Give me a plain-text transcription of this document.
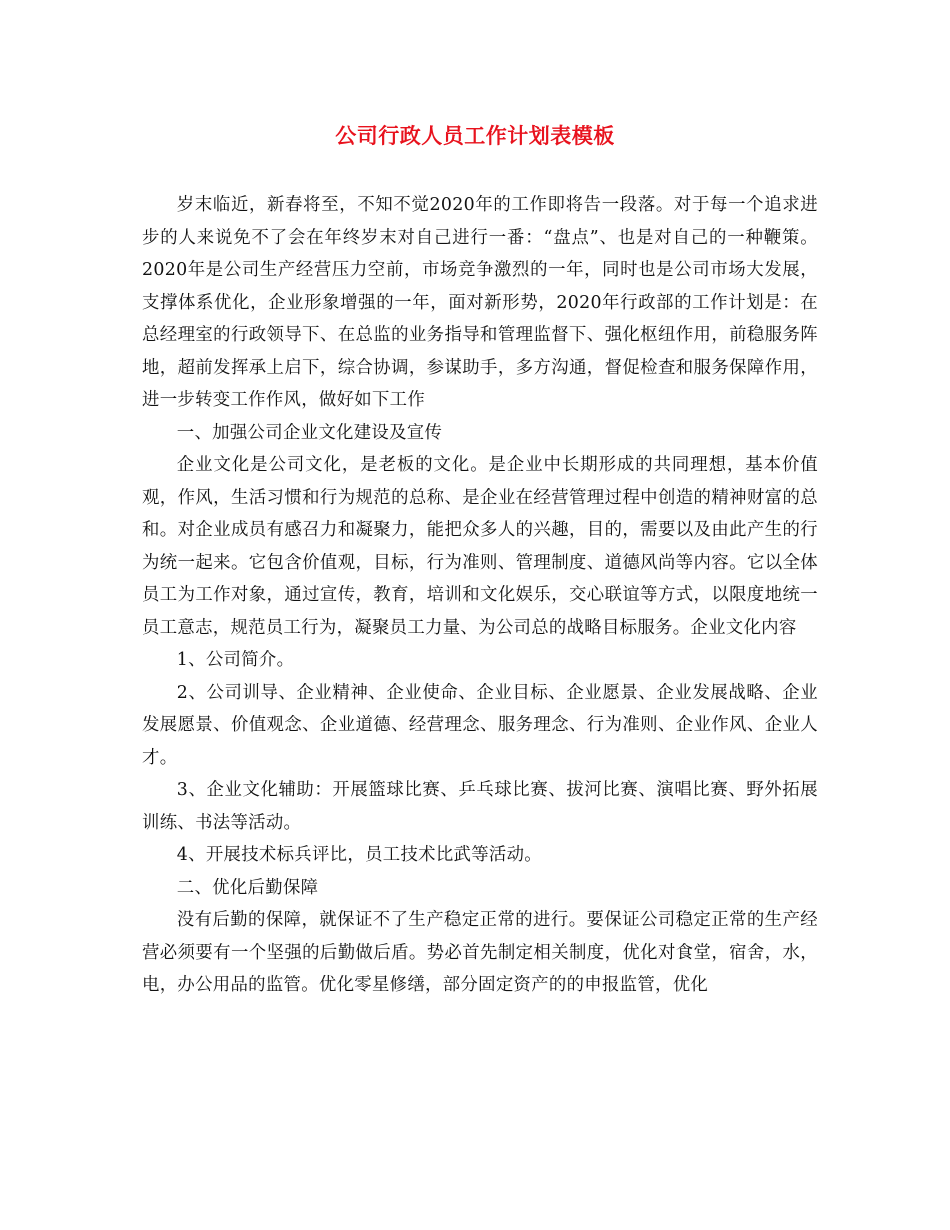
公司行政人员工作计划表模板

岁末临近，新春将至，不知不觉2020年的工作即将告一段落。对于每一个追求进步的人来说免不了会在年终岁末对自己进行一番：“盘点”、也是对自己的一种鞭策。2020年是公司生产经营压力空前，市场竞争激烈的一年，同时也是公司市场大发展，支撑体系优化，企业形象增强的一年，面对新形势，2020年行政部的工作计划是：在总经理室的行政领导下、在总监的业务指导和管理监督下、强化枢纽作用，前稳服务阵地，超前发挥承上启下，综合协调，参谋助手，多方沟通，督促检查和服务保障作用，进一步转变工作作风，做好如下工作

一、加强公司企业文化建设及宣传

企业文化是公司文化，是老板的文化。是企业中长期形成的共同理想，基本价值观，作风，生活习惯和行为规范的总称、是企业在经营管理过程中创造的精神财富的总和。对企业成员有感召力和凝聚力，能把众多人的兴趣，目的，需要以及由此产生的行为统一起来。它包含价值观，目标，行为准则、管理制度、道德风尚等内容。它以全体员工为工作对象，通过宣传，教育，培训和文化娱乐，交心联谊等方式，以限度地统一员工意志，规范员工行为，凝聚员工力量、为公司总的战略目标服务。企业文化内容

1、公司简介。

2、公司训导、企业精神、企业使命、企业目标、企业愿景、企业发展战略、企业发展愿景、价值观念、企业道德、经营理念、服务理念、行为准则、企业作风、企业人才。

3、企业文化辅助：开展篮球比赛、乒乓球比赛、拔河比赛、演唱比赛、野外拓展训练、书法等活动。

4、开展技术标兵评比，员工技术比武等活动。

二、优化后勤保障

没有后勤的保障，就保证不了生产稳定正常的进行。要保证公司稳定正常的生产经营必须要有一个坚强的后勤做后盾。势必首先制定相关制度，优化对食堂，宿舍，水，电，办公用品的监管。优化零星修缮，部分固定资产的的申报监管，优化
